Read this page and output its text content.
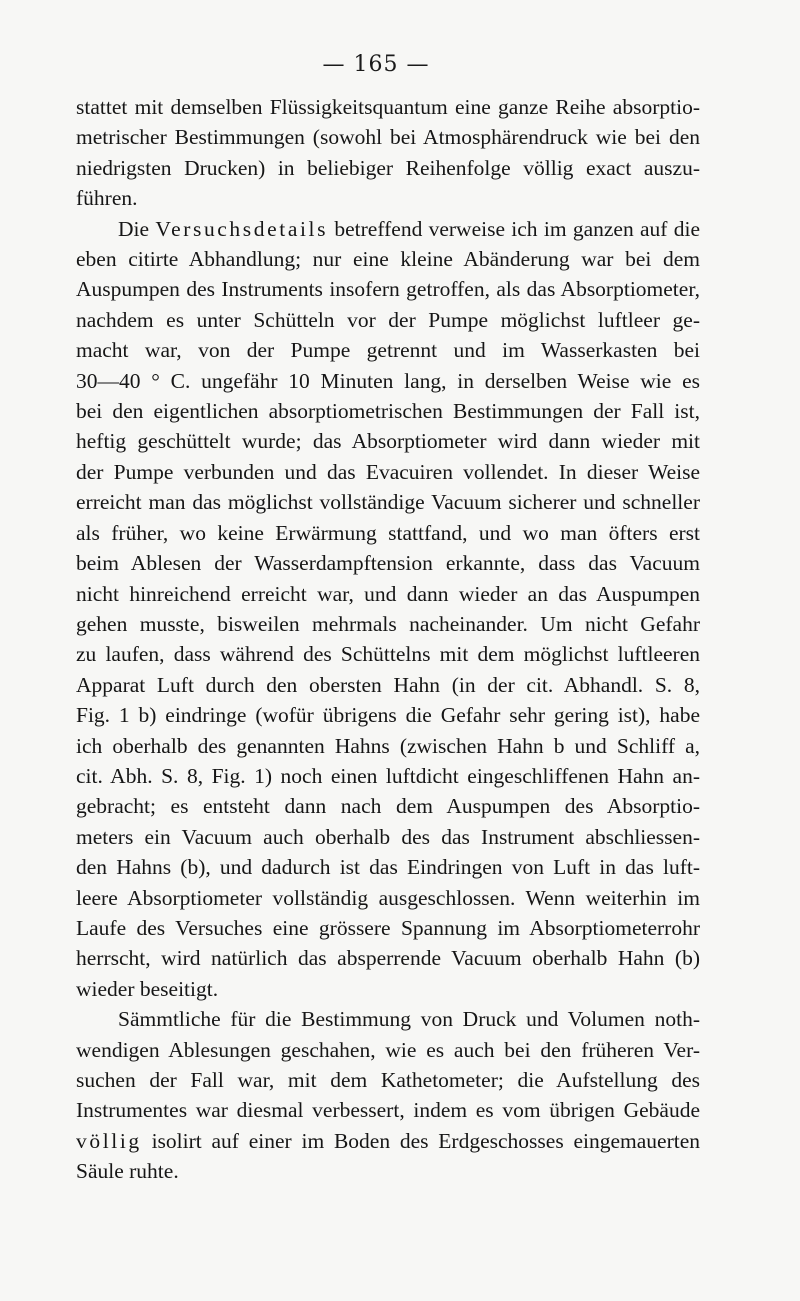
— 165 —
stattet mit demselben Flüssigkeitsquantum eine ganze Reihe absorptio-
metrischer Bestimmungen (sowohl bei Atmosphärendruck wie bei den
niedrigsten Drucken) in beliebiger Reihenfolge völlig exact auszu-
führen.
Die Versuchsdetails betreffend verweise ich im ganzen auf die
eben citirte Abhandlung; nur eine kleine Abänderung war bei dem
Auspumpen des Instruments insofern getroffen, als das Absorptiometer,
nachdem es unter Schütteln vor der Pumpe möglichst luftleer ge-
macht war, von der Pumpe getrennt und im Wasserkasten bei
30—40 ° C. ungefähr 10 Minuten lang, in derselben Weise wie es
bei den eigentlichen absorptiometrischen Bestimmungen der Fall ist,
heftig geschüttelt wurde; das Absorptiometer wird dann wieder mit
der Pumpe verbunden und das Evacuiren vollendet. In dieser Weise
erreicht man das möglichst vollständige Vacuum sicherer und schneller
als früher, wo keine Erwärmung stattfand, und wo man öfters erst
beim Ablesen der Wasserdampftension erkannte, dass das Vacuum
nicht hinreichend erreicht war, und dann wieder an das Auspumpen
gehen musste, bisweilen mehrmals nacheinander. Um nicht Gefahr
zu laufen, dass während des Schüttelns mit dem möglichst luftleeren
Apparat Luft durch den obersten Hahn (in der cit. Abhandl. S. 8,
Fig. 1 b) eindringe (wofür übrigens die Gefahr sehr gering ist), habe
ich oberhalb des genannten Hahns (zwischen Hahn b und Schliff a,
cit. Abh. S. 8, Fig. 1) noch einen luftdicht eingeschliffenen Hahn an-
gebracht; es entsteht dann nach dem Auspumpen des Absorptio-
meters ein Vacuum auch oberhalb des das Instrument abschliessen-
den Hahns (b), und dadurch ist das Eindringen von Luft in das luft-
leere Absorptiometer vollständig ausgeschlossen. Wenn weiterhin im
Laufe des Versuches eine grössere Spannung im Absorptiometerrohr
herrscht, wird natürlich das absperrende Vacuum oberhalb Hahn (b)
wieder beseitigt.
Sämmtliche für die Bestimmung von Druck und Volumen noth-
wendigen Ablesungen geschahen, wie es auch bei den früheren Ver-
suchen der Fall war, mit dem Kathetometer; die Aufstellung des
Instrumentes war diesmal verbessert, indem es vom übrigen Gebäude
völlig isolirt auf einer im Boden des Erdgeschosses eingemauerten
Säule ruhte.
